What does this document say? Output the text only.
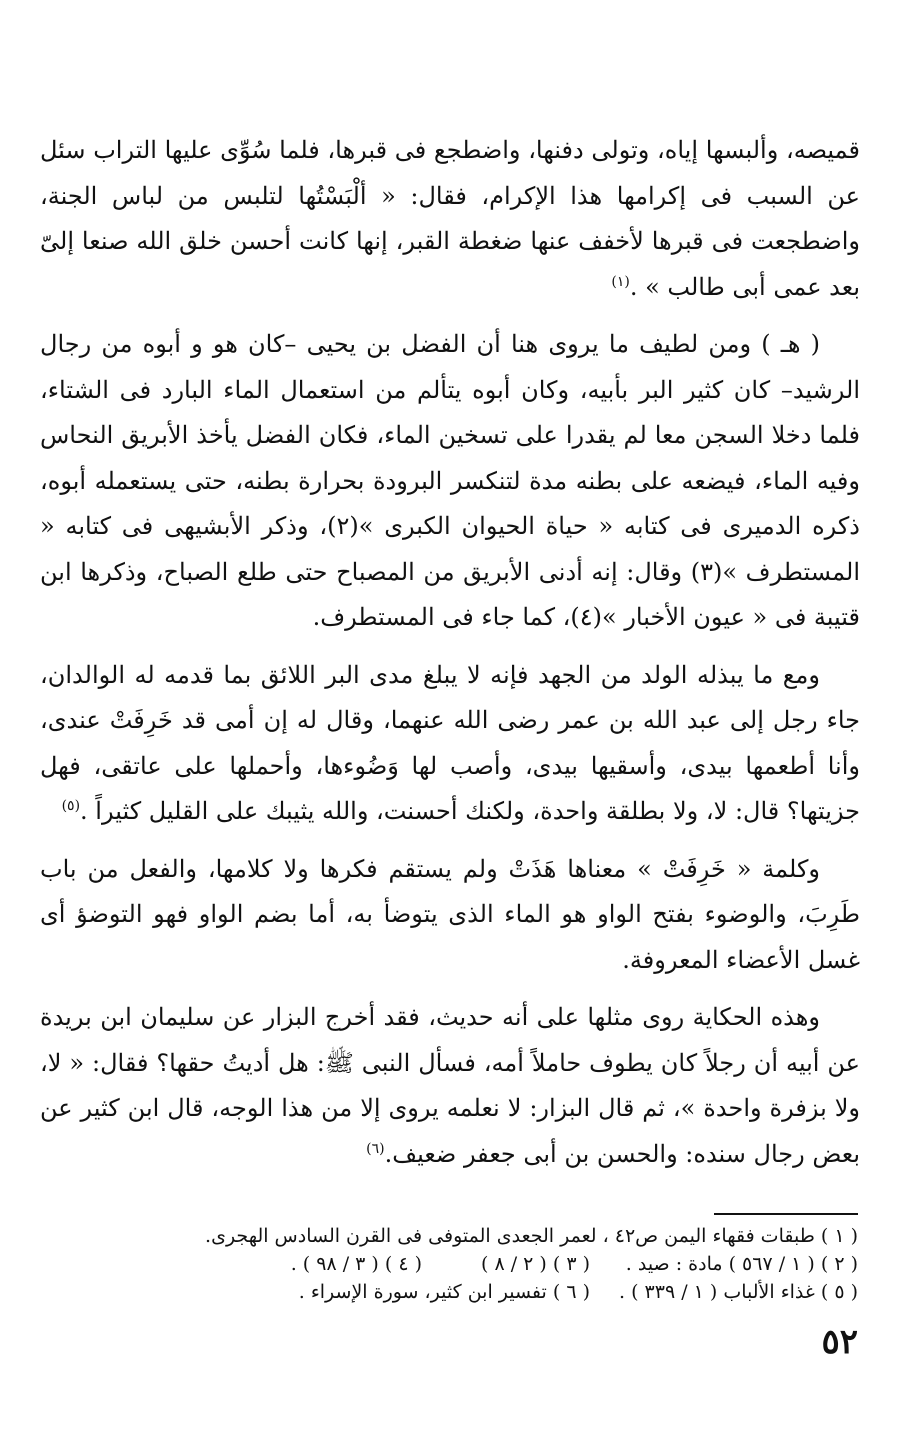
قميصه، وألبسها إياه، وتولى دفنها، واضطجع فى قبرها، فلما سُوِّى عليها التراب سئل عن السبب فى إكرامها هذا الإكرام، فقال: « ألْبَسْتُها لتلبس من لباس الجنة، واضطجعت فى قبرها لأخفف عنها ضغطة القبر، إنها كانت أحسن خلق الله صنعا إلىّ بعد عمى أبى طالب » .$^{(١)}$

( هـ ) ومن لطيف ما يروى هنا أن الفضل بن يحيى –كان هو و أبوه من رجال الرشيد– كان كثير البر بأبيه، وكان أبوه يتألم من استعمال الماء البارد فى الشتاء، فلما دخلا السجن معا لم يقدرا على تسخين الماء، فكان الفضل يأخذ الأبريق النحاس وفيه الماء، فيضعه على بطنه مدة لتنكسر البرودة بحرارة بطنه، حتى يستعمله أبوه، ذكره الدميرى فى كتابه « حياة الحيوان الكبرى »(٢)، وذكر الأبشيهى فى كتابه « المستطرف »(٣) وقال: إنه أدنى الأبريق من المصباح حتى طلع الصباح، وذكرها ابن قتيبة فى « عيون الأخبار »(٤)، كما جاء فى المستطرف.

ومع ما يبذله الولد من الجهد فإنه لا يبلغ مدى البر اللائق بما قدمه له الوالدان، جاء رجل إلى عبد الله بن عمر رضى الله عنهما، وقال له إن أمى قد خَرِفَتْ عندى، وأنا أطعمها بيدى، وأسقيها بيدى، وأصب لها وَضُوءها، وأحملها على عاتقى، فهل جزيتها؟ قال: لا، ولا بطلقة واحدة، ولكنك أحسنت، والله يثيبك على القليل كثيراً .$^{(٥)}$

وكلمة « خَرِفَتْ » معناها هَذَتْ ولم يستقم فكرها ولا كلامها، والفعل من باب طَرِبَ، والوضوء بفتح الواو هو الماء الذى يتوضأ به، أما بضم الواو فهو التوضؤ أى غسل الأعضاء المعروفة.

وهذه الحكاية روى مثلها على أنه حديث، فقد أخرج البزار عن سليمان ابن بريدة عن أبيه أن رجلاً كان يطوف حاملاً أمه، فسأل النبى ﷺ: هل أديتُ حقها؟ فقال: « لا، ولا بزفرة واحدة »، ثم قال البزار: لا نعلمه يروى إلا من هذا الوجه، قال ابن كثير عن بعض رجال سنده: والحسن بن أبى جعفر ضعيف.$^{(٦)}$

( ١ ) طبقات فقهاء اليمن ص٤٢ ، لعمر الجعدى المتوفى فى القرن السادس الهجرى.
( ٢ ) ( ١ / ٥٦٧ ) مادة : صيد .
( ٣ ) ( ٢ / ٨ )
( ٤ ) ( ٣ / ٩٨ ) .
( ٥ ) غذاء الألباب ( ١ / ٣٣٩ ) .
( ٦ ) تفسير ابن كثير، سورة الإسراء .
٥٢
